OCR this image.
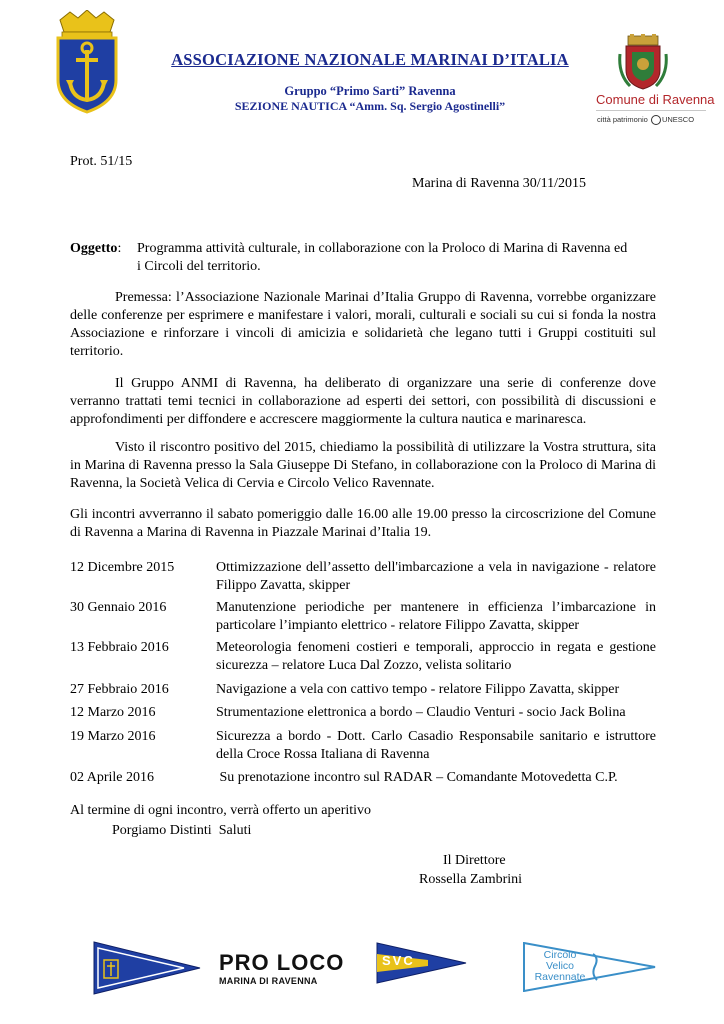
ASSOCIAZIONE NAZIONALE MARINAI D’ITALIA
Gruppo “Primo Sarti” Ravenna
SEZIONE NAUTICA “Amm. Sq. Sergio Agostinelli”	Comune di Ravenna
città patrimonio UNESCO
Prot. 51/15
Marina di Ravenna 30/11/2015
Oggetto: Programma attività culturale, in collaborazione con la Proloco di Marina di Ravenna ed
i Circoli del territorio.
Premessa: l’Associazione Nazionale Marinai d’Italia Gruppo di Ravenna, vorrebbe organizzare delle conferenze per esprimere e manifestare i valori, morali, culturali e sociali su cui si fonda la nostra Associazione e rinforzare i vincoli di amicizia e solidarietà che legano tutti i Gruppi costituiti sul territorio.
Il Gruppo ANMI di Ravenna, ha deliberato di organizzare una serie di conferenze dove verranno trattati temi tecnici in collaborazione ad esperti dei settori, con possibilità di discussioni e approfondimenti per diffondere e accrescere maggiormente la cultura nautica e marinaresca.
Visto il riscontro positivo del 2015, chiediamo la possibilità di utilizzare la Vostra struttura, sita in Marina di Ravenna presso la Sala Giuseppe Di Stefano, in collaborazione con la Proloco di Marina di Ravenna, la Società Velica di Cervia e Circolo Velico Ravennate.
Gli incontri avverranno il sabato pomeriggio dalle 16.00 alle 19.00 presso la circoscrizione del Comune di Ravenna a Marina di Ravenna in Piazzale Marinai d’Italia 19.
12 Dicembre 2015	Ottimizzazione dell’assetto dell'imbarcazione a vela in navigazione - relatore Filippo Zavatta, skipper
30 Gennaio 2016	Manutenzione periodiche per mantenere in efficienza l’imbarcazione in particolare l’impianto elettrico - relatore Filippo Zavatta, skipper
13 Febbraio 2016	Meteorologia fenomeni costieri e temporali, approccio in regata e gestione sicurezza – relatore Luca Dal Zozzo, velista solitario
27 Febbraio 2016	Navigazione a vela con cattivo tempo - relatore Filippo Zavatta, skipper
12 Marzo 2016	Strumentazione elettronica a bordo – Claudio Venturi - socio Jack Bolina
19 Marzo 2016	Sicurezza a bordo - Dott. Carlo Casadio Responsabile sanitario e istruttore della Croce Rossa Italiana di Ravenna
02 Aprile 2016	Su prenotazione incontro sul RADAR – Comandante Motovedetta C.P.
Al termine di ogni incontro, verrà offerto un aperitivo
Porgiamo Distinti  Saluti
Il Direttore
Rossella Zambrini
PRO LOCO
MARINA DI RAVENNA
SVC	Circolo
Velico
Ravennate
